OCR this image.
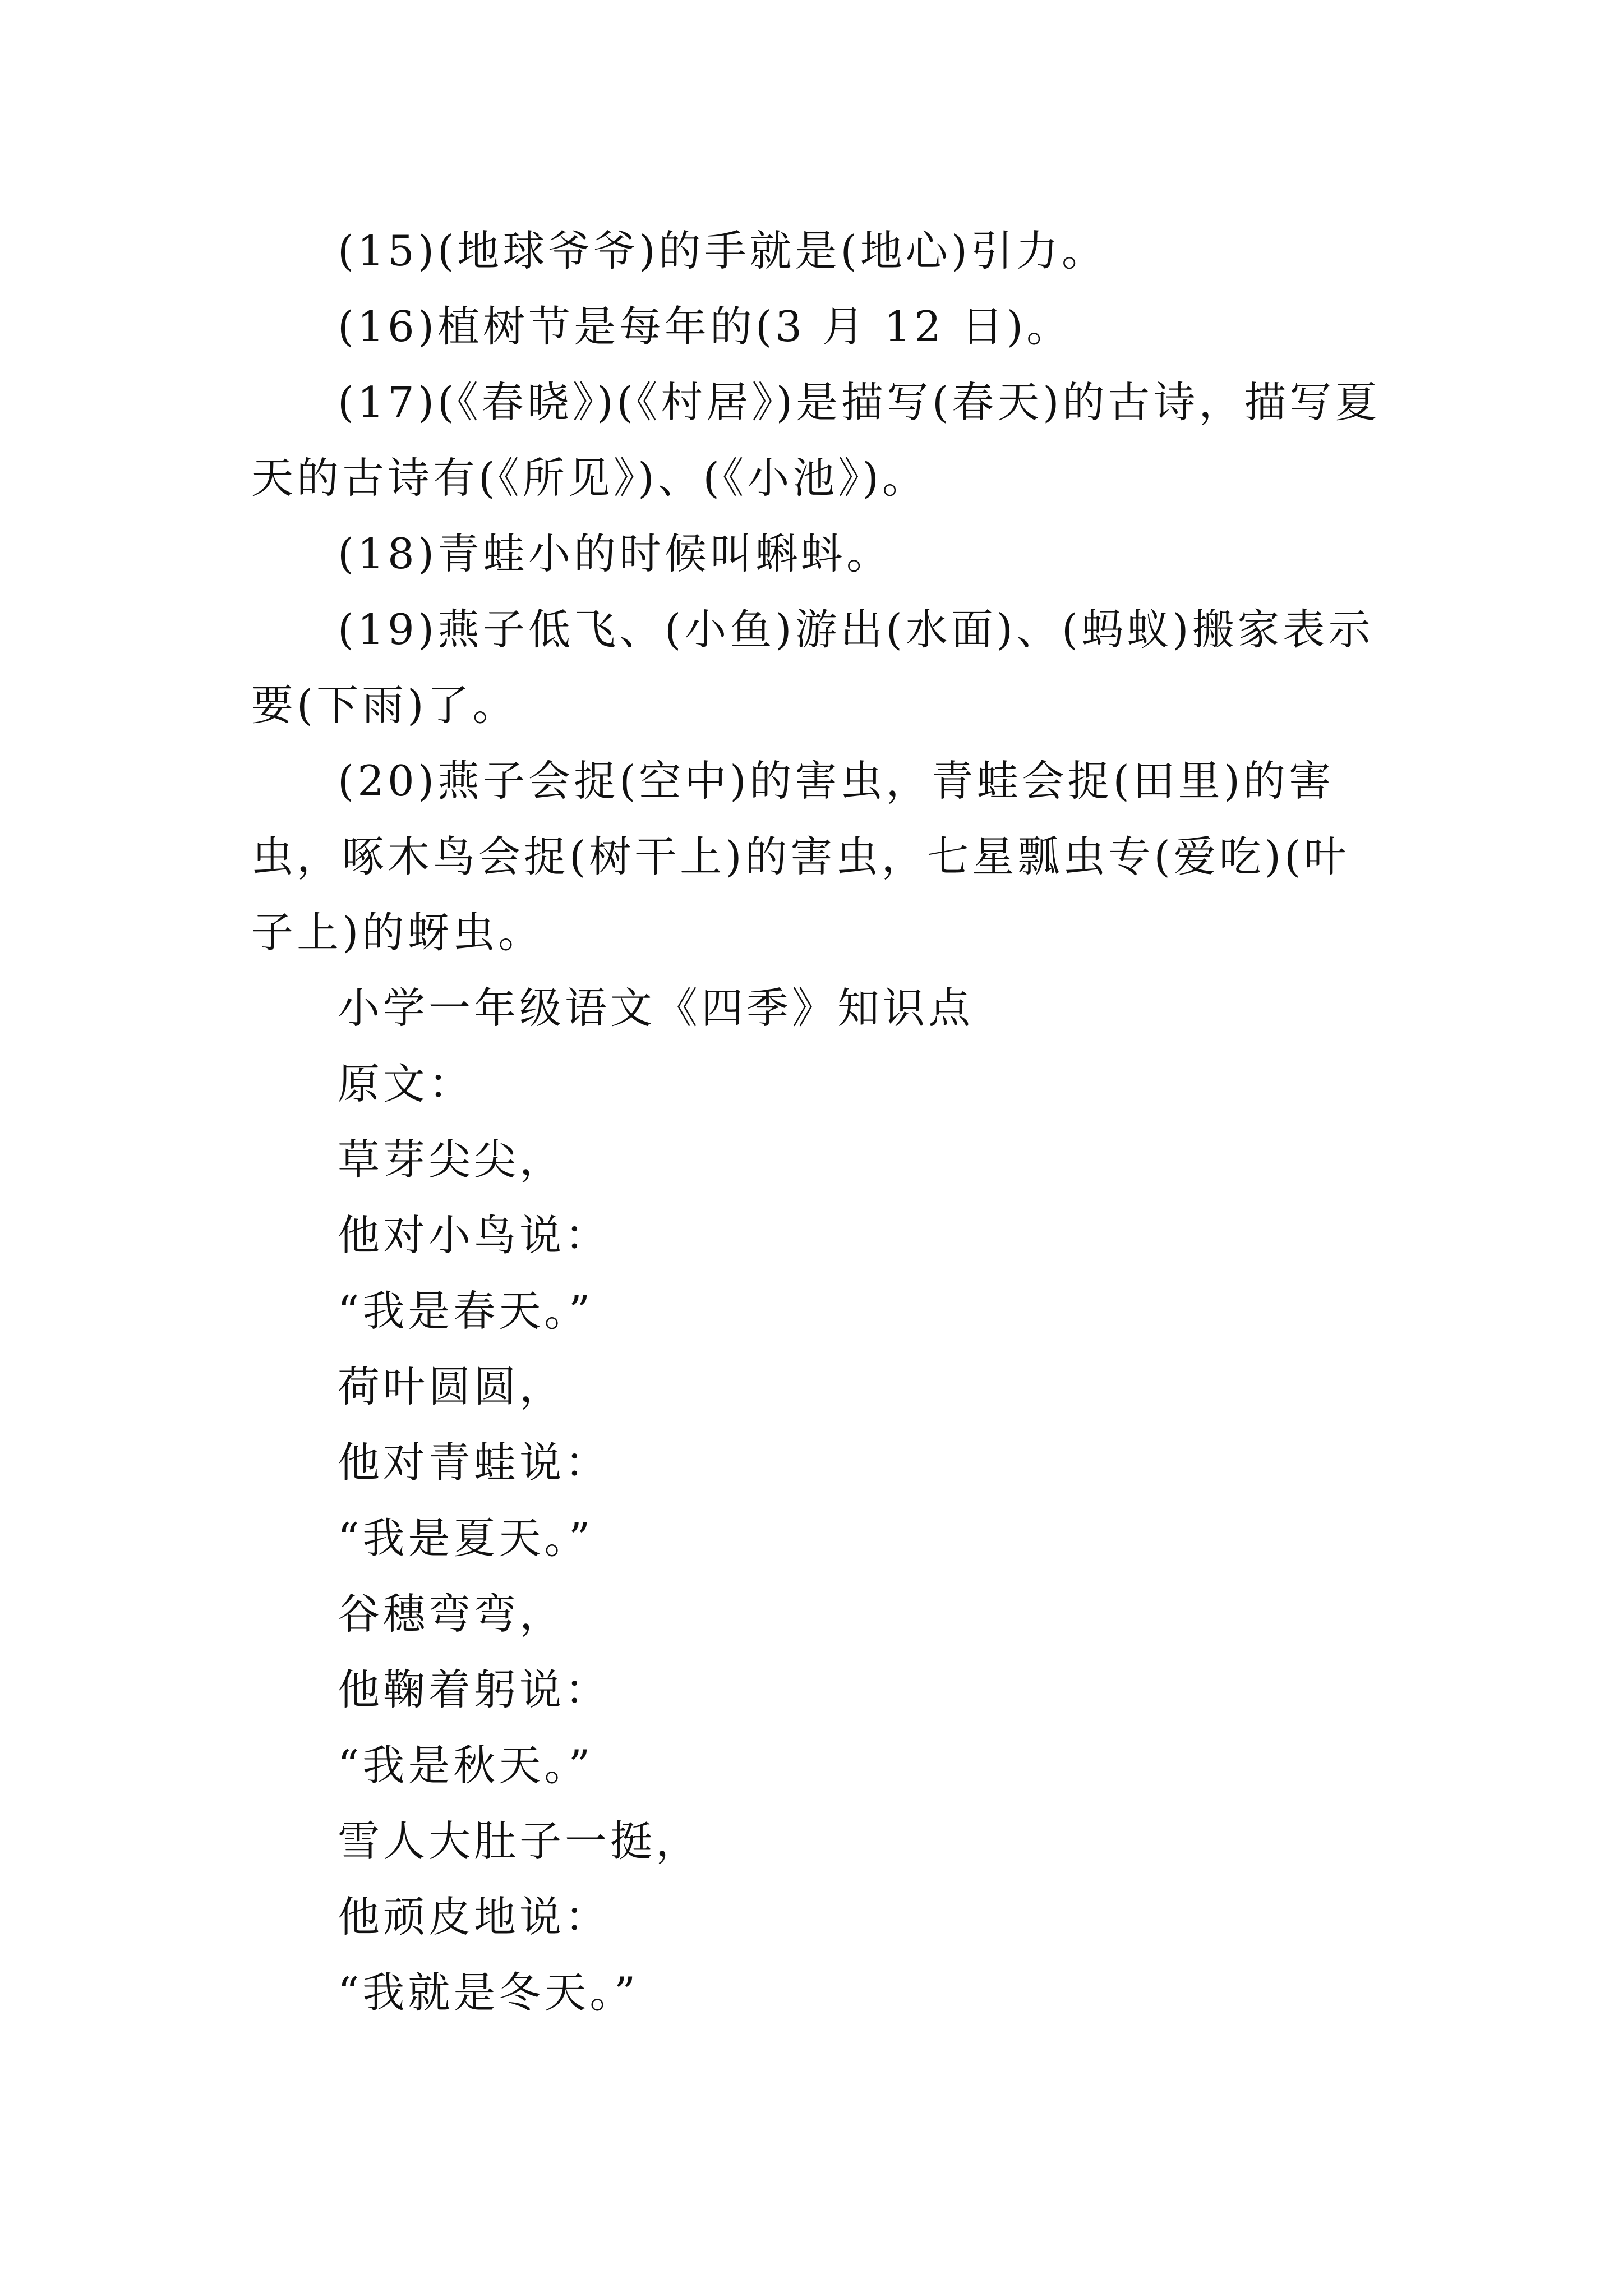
(15)(地球爷爷)的手就是(地心)引力。

(16)植树节是每年的(3 月 12 日)。

(17)(《春晓》)(《村居》)是描写(春天)的古诗，描写夏天的古诗有(《所见》)、(《小池》)。

(18)青蛙小的时候叫蝌蚪。

(19)燕子低飞、(小鱼)游出(水面)、(蚂蚁)搬家表示要(下雨)了。

(20)燕子会捉(空中)的害虫，青蛙会捉(田里)的害虫，啄木鸟会捉(树干上)的害虫，七星瓢虫专(爱吃)(叶子上)的蚜虫。

小学一年级语文《四季》知识点

原文：

草芽尖尖，

他对小鸟说：

“我是春天。”

荷叶圆圆，

他对青蛙说：

“我是夏天。”

谷穗弯弯，

他鞠着躬说：

“我是秋天。”

雪人大肚子一挺，

他顽皮地说：

“我就是冬天。”
